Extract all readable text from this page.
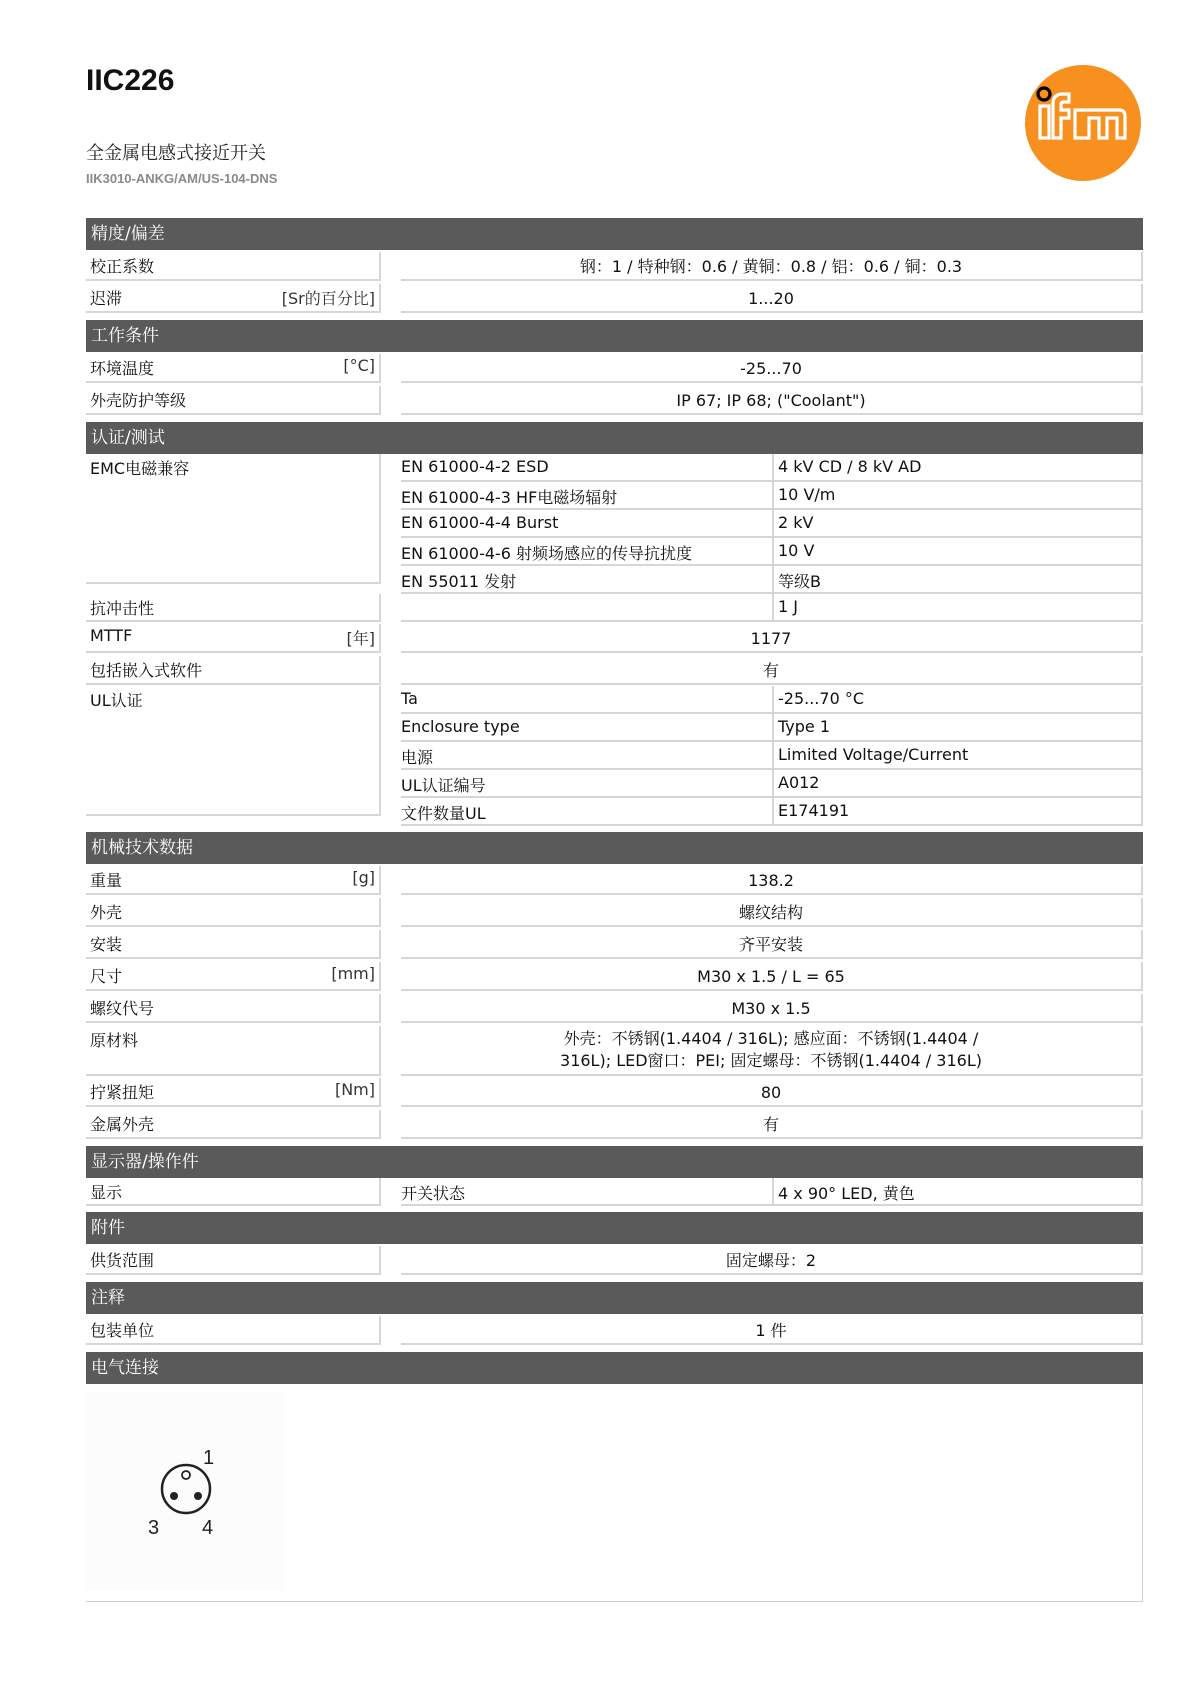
IIC226
全金属电感式接近开关
IIK3010-ANKG/AM/US-104-DNS
精度/偏差
校正系数	钢：1 / 特种钢：0.6 / 黄铜：0.8 / 铝：0.6 / 铜：0.3
迟滞	[Sr的百分比]	1...20
工作条件
环境温度	[°C]	-25...70
外壳防护等级	IP 67; IP 68; ("Coolant")
认证/测试
EMC电磁兼容	EN 61000-4-2 ESD	4 kV CD / 8 kV AD
EN 61000-4-3 HF电磁场辐射	10 V/m
EN 61000-4-4 Burst	2 kV
EN 61000-4-6 射频场感应的传导抗扰度	10 V
EN 55011 发射	等级B
抗冲击性	1 J
MTTF	[年]	1177
包括嵌入式软件	有
UL认证	Ta	-25...70 °C
Enclosure type	Type 1
电源	Limited Voltage/Current
UL认证编号	A012
文件数量UL	E174191
机械技术数据
重量	[g]	138.2
外壳	螺纹结构
安装	齐平安装
尺寸	[mm]	M30 x 1.5 / L = 65
螺纹代号	M30 x 1.5
原材料	外壳：不锈钢(1.4404 / 316L); 感应面：不锈钢(1.4404 /
316L); LED窗口：PEI; 固定螺母：不锈钢(1.4404 / 316L)
拧紧扭矩	[Nm]	80
金属外壳	有
显示器/操作件
显示	开关状态	4 x 90° LED, 黄色
附件
供货范围	固定螺母：2
注释
包装单位	1 件
电气连接
1
3 4
